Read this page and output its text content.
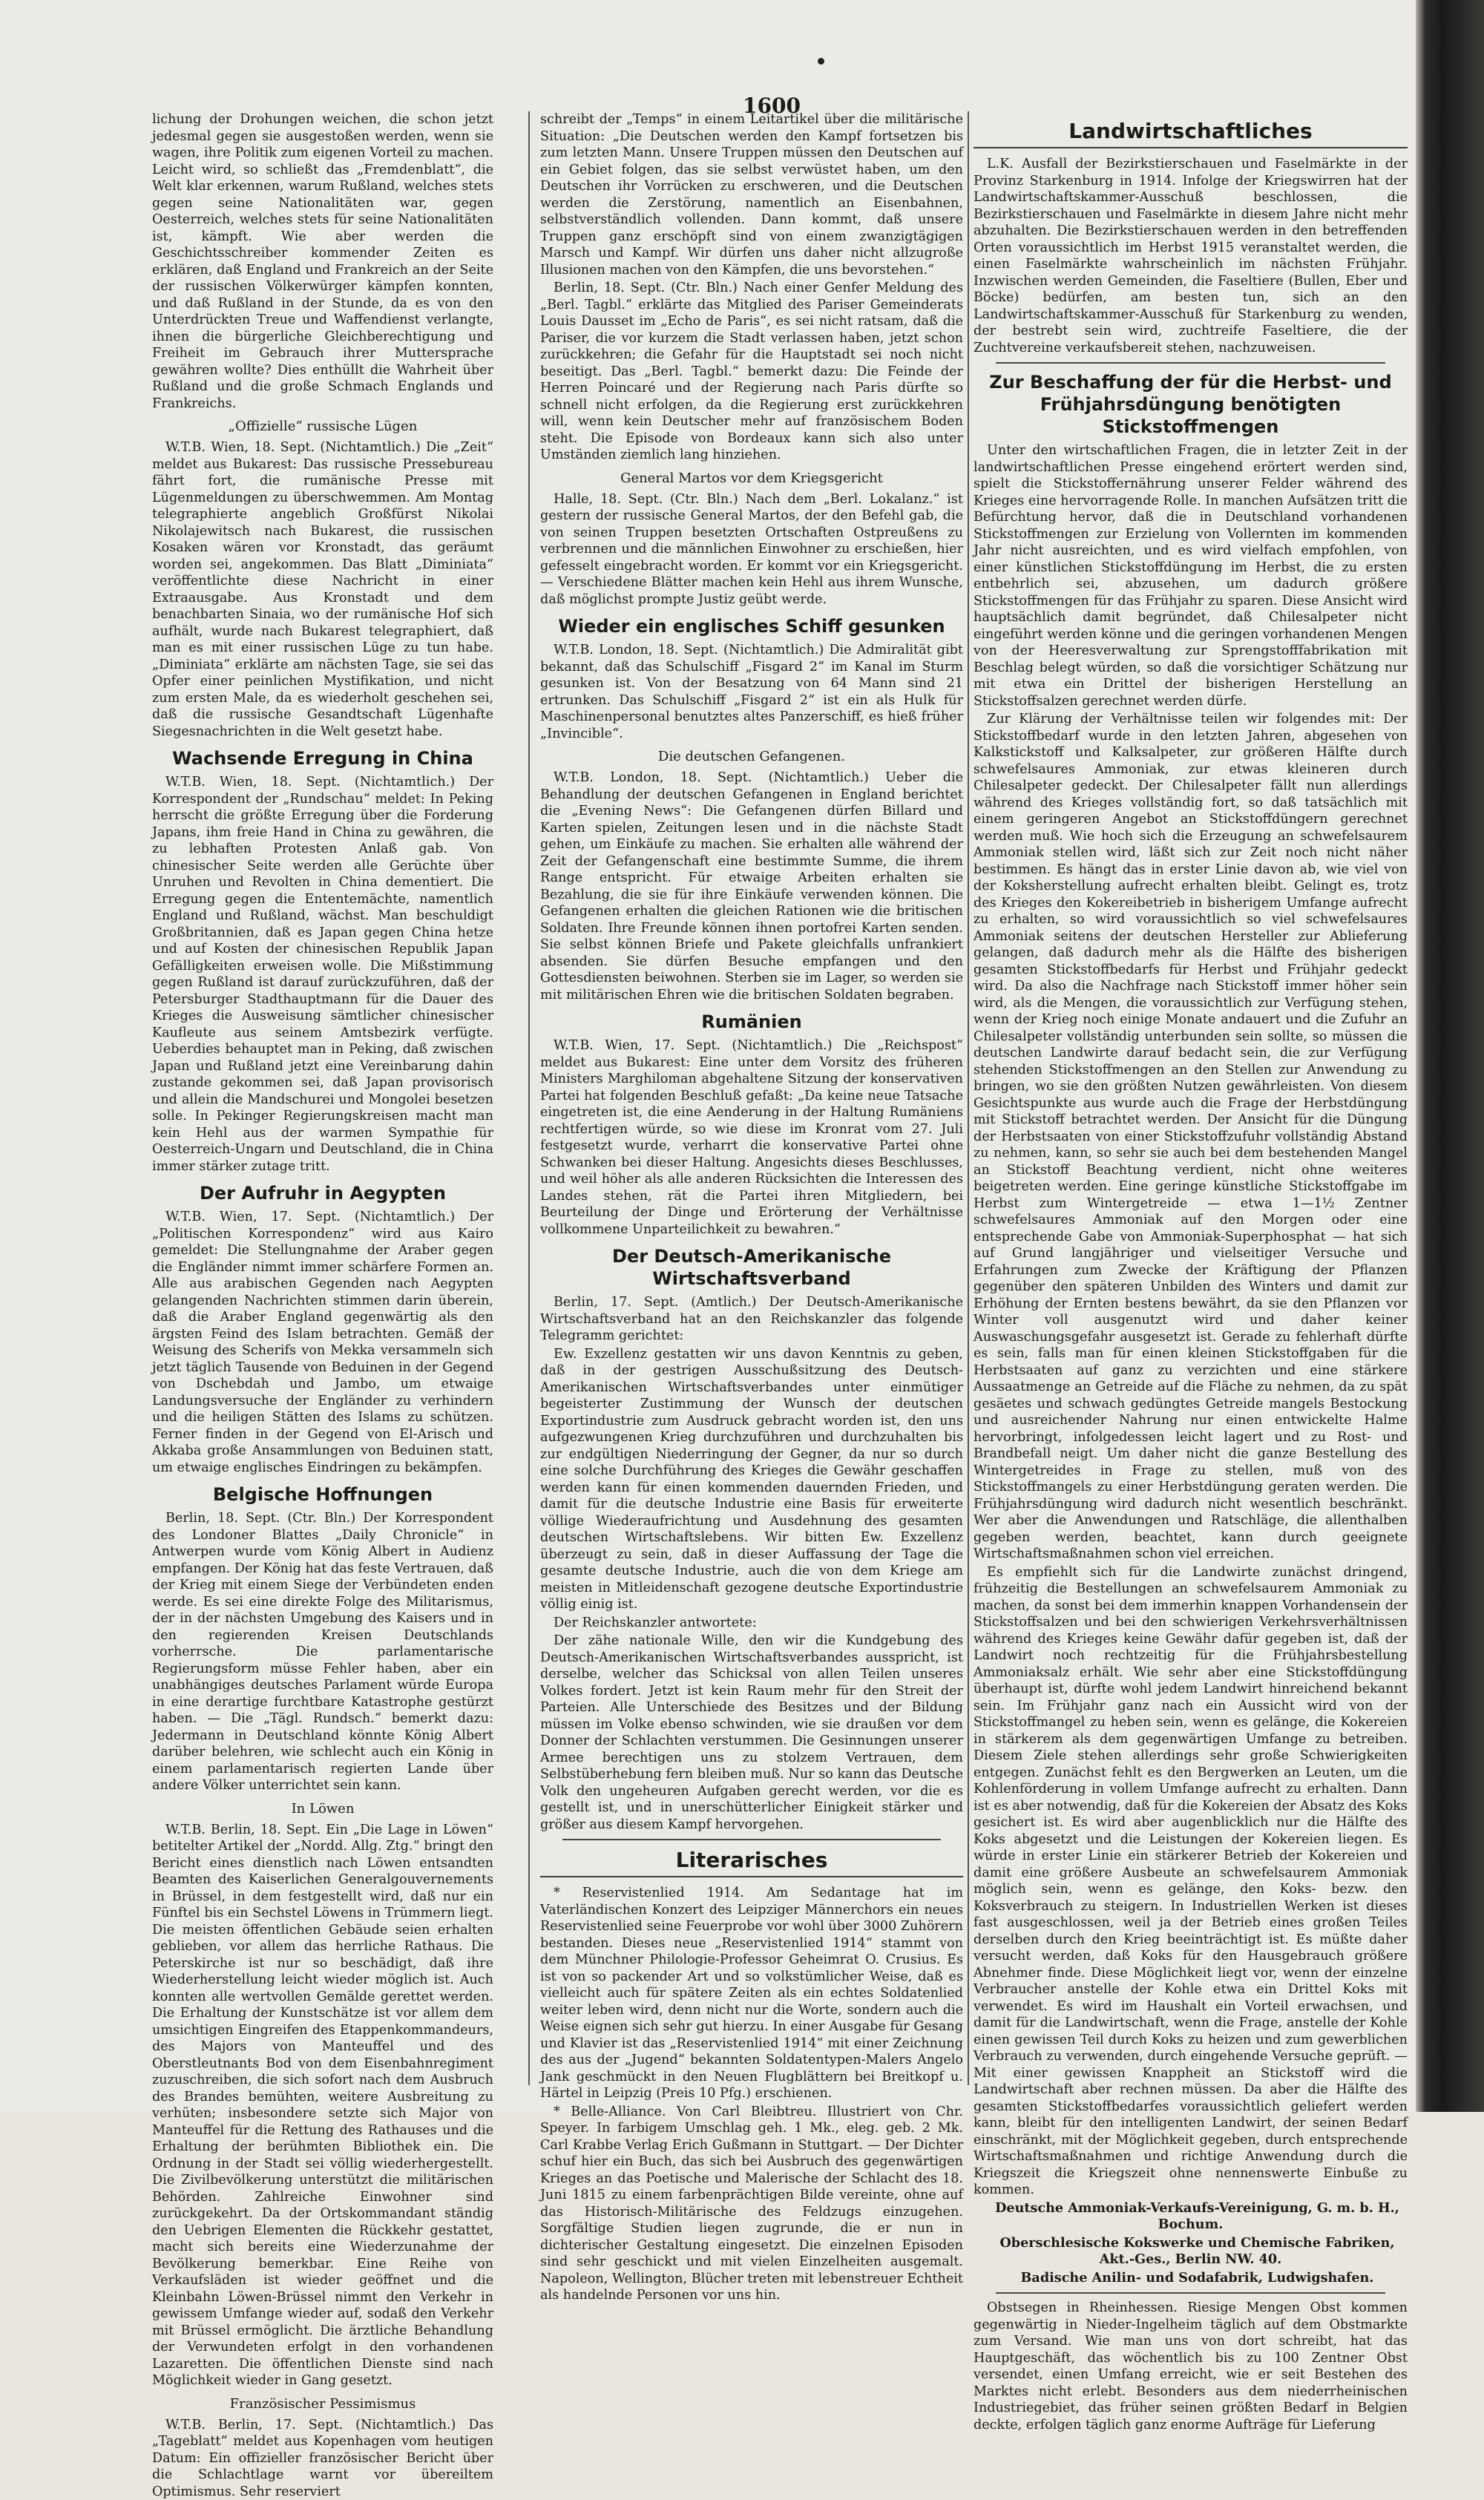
1600

lichung der Drohungen weichen, die schon jetzt jedesmal gegen sie ausgestoßen werden, wenn sie wagen, ihre Politik zum eigenen Vorteil zu machen. Leicht wird, so schließt das „Fremdenblatt“, die Welt klar erkennen, warum Rußland, welches stets gegen seine Nationalitäten war, gegen Oesterreich, welches stets für seine Nationalitäten ist, kämpft. Wie aber werden die Geschichtsschreiber kommender Zeiten es erklären, daß England und Frankreich an der Seite der russischen Völkerwürger kämpfen konnten, und daß Rußland in der Stunde, da es von den Unterdrückten Treue und Waffendienst verlangte, ihnen die bürgerliche Gleichberechtigung und Freiheit im Gebrauch ihrer Muttersprache gewähren wollte? Dies enthüllt die Wahrheit über Rußland und die große Schmach Englands und Frankreichs.

„Offizielle“ russische Lügen

W.T.B. Wien, 18. Sept. (Nichtamtlich.) Die „Zeit“ meldet aus Bukarest: Das russische Pressebureau fährt fort, die rumänische Presse mit Lügenmeldungen zu überschwemmen. Am Montag telegraphierte angeblich Großfürst Nikolai Nikolajewitsch nach Bukarest, die russischen Kosaken wären vor Kronstadt, das geräumt worden sei, angekommen. Das Blatt „Diminiata“ veröffentlichte diese Nachricht in einer Extraausgabe. Aus Kronstadt und dem benachbarten Sinaia, wo der rumänische Hof sich aufhält, wurde nach Bukarest telegraphiert, daß man es mit einer russischen Lüge zu tun habe. „Diminiata“ erklärte am nächsten Tage, sie sei das Opfer einer peinlichen Mystifikation, und nicht zum ersten Male, da es wiederholt geschehen sei, daß die russische Gesandtschaft Lügenhafte Siegesnachrichten in die Welt gesetzt habe.

Wachsende Erregung in China

W.T.B. Wien, 18. Sept. (Nichtamtlich.) Der Korrespondent der „Rundschau“ meldet: In Peking herrscht die größte Erregung über die Forderung Japans, ihm freie Hand in China zu gewähren, die zu lebhaften Protesten Anlaß gab. Von chinesischer Seite werden alle Gerüchte über Unruhen und Revolten in China dementiert. Die Erregung gegen die Ententemächte, namentlich England und Rußland, wächst. Man beschuldigt Großbritannien, daß es Japan gegen China hetze und auf Kosten der chinesischen Republik Japan Gefälligkeiten erweisen wolle. Die Mißstimmung gegen Rußland ist darauf zurückzuführen, daß der Petersburger Stadthauptmann für die Dauer des Krieges die Ausweisung sämtlicher chinesischer Kaufleute aus seinem Amtsbezirk verfügte. Ueberdies behauptet man in Peking, daß zwischen Japan und Rußland jetzt eine Vereinbarung dahin zustande gekommen sei, daß Japan provisorisch und allein die Mandschurei und Mongolei besetzen solle. In Pekinger Regierungskreisen macht man kein Hehl aus der warmen Sympathie für Oesterreich-Ungarn und Deutschland, die in China immer stärker zutage tritt.

Der Aufruhr in Aegypten

W.T.B. Wien, 17. Sept. (Nichtamtlich.) Der „Politischen Korrespondenz“ wird aus Kairo gemeldet: Die Stellungnahme der Araber gegen die Engländer nimmt immer schärfere Formen an. Alle aus arabischen Gegenden nach Aegypten gelangenden Nachrichten stimmen darin überein, daß die Araber England gegenwärtig als den ärgsten Feind des Islam betrachten. Gemäß der Weisung des Scherifs von Mekka versammeln sich jetzt täglich Tausende von Beduinen in der Gegend von Dschebdah und Jambo, um etwaige Landungsversuche der Engländer zu verhindern und die heiligen Stätten des Islams zu schützen. Ferner finden in der Gegend von El-Arisch und Akkaba große Ansammlungen von Beduinen statt, um etwaige englisches Eindringen zu bekämpfen.

Belgische Hoffnungen

Berlin, 18. Sept. (Ctr. Bln.) Der Korrespondent des Londoner Blattes „Daily Chronicle“ in Antwerpen wurde vom König Albert in Audienz empfangen. Der König hat das feste Vertrauen, daß der Krieg mit einem Siege der Verbündeten enden werde. Es sei eine direkte Folge des Militarismus, der in der nächsten Umgebung des Kaisers und in den regierenden Kreisen Deutschlands vorherrsche. Die parlamentarische Regierungsform müsse Fehler haben, aber ein unabhängiges deutsches Parlament würde Europa in eine derartige furchtbare Katastrophe gestürzt haben. — Die „Tägl. Rundsch.“ bemerkt dazu: Jedermann in Deutschland könnte König Albert darüber belehren, wie schlecht auch ein König in einem parlamentarisch regierten Lande über andere Völker unterrichtet sein kann.

In Löwen

W.T.B. Berlin, 18. Sept. Ein „Die Lage in Löwen“ betitelter Artikel der „Nordd. Allg. Ztg.“ bringt den Bericht eines dienstlich nach Löwen entsandten Beamten des Kaiserlichen Generalgouvernements in Brüssel, in dem festgestellt wird, daß nur ein Fünftel bis ein Sechstel Löwens in Trümmern liegt. Die meisten öffentlichen Gebäude seien erhalten geblieben, vor allem das herrliche Rathaus. Die Peterskirche ist nur so beschädigt, daß ihre Wiederherstellung leicht wieder möglich ist. Auch konnten alle wertvollen Gemälde gerettet werden. Die Erhaltung der Kunstschätze ist vor allem dem umsichtigen Eingreifen des Etappenkommandeurs, des Majors von Manteuffel und des Oberstleutnants Bod von dem Eisenbahnregiment zuzuschreiben, die sich sofort nach dem Ausbruch des Brandes bemühten, weitere Ausbreitung zu verhüten; insbesondere setzte sich Major von Manteuffel für die Rettung des Rathauses und die Erhaltung der berühmten Bibliothek ein. Die Ordnung in der Stadt sei völlig wiederhergestellt. Die Zivilbevölkerung unterstützt die militärischen Behörden. Zahlreiche Einwohner sind zurückgekehrt. Da der Ortskommandant ständig den Uebrigen Elementen die Rückkehr gestattet, macht sich bereits eine Wiederzunahme der Bevölkerung bemerkbar. Eine Reihe von Verkaufsläden ist wieder geöffnet und die Kleinbahn Löwen-Brüssel nimmt den Verkehr in gewissem Umfange wieder auf, sodaß den Verkehr mit Brüssel ermöglicht. Die ärztliche Behandlung der Verwundeten erfolgt in den vorhandenen Lazaretten. Die öffentlichen Dienste sind nach Möglichkeit wieder in Gang gesetzt.

Französischer Pessimismus

W.T.B. Berlin, 17. Sept. (Nichtamtlich.) Das „Tageblatt“ meldet aus Kopenhagen vom heutigen Datum: Ein offizieller französischer Bericht über die Schlachtlage warnt vor übereiltem Optimismus. Sehr reserviert

schreibt der „Temps“ in einem Leitartikel über die militärische Situation: „Die Deutschen werden den Kampf fortsetzen bis zum letzten Mann. Unsere Truppen müssen den Deutschen auf ein Gebiet folgen, das sie selbst verwüstet haben, um den Deutschen ihr Vorrücken zu erschweren, und die Deutschen werden die Zerstörung, namentlich an Eisenbahnen, selbstverständlich vollenden. Dann kommt, daß unsere Truppen ganz erschöpft sind von einem zwanzigtägigen Marsch und Kampf. Wir dürfen uns daher nicht allzugroße Illusionen machen von den Kämpfen, die uns bevorstehen.“

Berlin, 18. Sept. (Ctr. Bln.) Nach einer Genfer Meldung des „Berl. Tagbl.“ erklärte das Mitglied des Pariser Gemeinderats Louis Dausset im „Echo de Paris“, es sei nicht ratsam, daß die Pariser, die vor kurzem die Stadt verlassen haben, jetzt schon zurückkehren; die Gefahr für die Hauptstadt sei noch nicht beseitigt. Das „Berl. Tagbl.“ bemerkt dazu: Die Feinde der Herren Poincaré und der Regierung nach Paris dürfte so schnell nicht erfolgen, da die Regierung erst zurückkehren will, wenn kein Deutscher mehr auf französischem Boden steht. Die Episode von Bordeaux kann sich also unter Umständen ziemlich lang hinziehen.

General Martos vor dem Kriegsgericht

Halle, 18. Sept. (Ctr. Bln.) Nach dem „Berl. Lokalanz.“ ist gestern der russische General Martos, der den Befehl gab, die von seinen Truppen besetzten Ortschaften Ostpreußens zu verbrennen und die männlichen Einwohner zu erschießen, hier gefesselt eingebracht worden. Er kommt vor ein Kriegsgericht. — Verschiedene Blätter machen kein Hehl aus ihrem Wunsche, daß möglichst prompte Justiz geübt werde.

Wieder ein englisches Schiff gesunken

W.T.B. London, 18. Sept. (Nichtamtlich.) Die Admiralität gibt bekannt, daß das Schulschiff „Fisgard 2“ im Kanal im Sturm gesunken ist. Von der Besatzung von 64 Mann sind 21 ertrunken. Das Schulschiff „Fisgard 2“ ist ein als Hulk für Maschinenpersonal benutztes altes Panzerschiff, es hieß früher „Invincible“.

Die deutschen Gefangenen.

W.T.B. London, 18. Sept. (Nichtamtlich.) Ueber die Behandlung der deutschen Gefangenen in England berichtet die „Evening News“: Die Gefangenen dürfen Billard und Karten spielen, Zeitungen lesen und in die nächste Stadt gehen, um Einkäufe zu machen. Sie erhalten alle während der Zeit der Gefangenschaft eine bestimmte Summe, die ihrem Range entspricht. Für etwaige Arbeiten erhalten sie Bezahlung, die sie für ihre Einkäufe verwenden können. Die Gefangenen erhalten die gleichen Rationen wie die britischen Soldaten. Ihre Freunde können ihnen portofrei Karten senden. Sie selbst können Briefe und Pakete gleichfalls unfrankiert absenden. Sie dürfen Besuche empfangen und den Gottesdiensten beiwohnen. Sterben sie im Lager, so werden sie mit militärischen Ehren wie die britischen Soldaten begraben.

Rumänien

W.T.B. Wien, 17. Sept. (Nichtamtlich.) Die „Reichspost“ meldet aus Bukarest: Eine unter dem Vorsitz des früheren Ministers Marghiloman abgehaltene Sitzung der konservativen Partei hat folgenden Beschluß gefaßt: „Da keine neue Tatsache eingetreten ist, die eine Aenderung in der Haltung Rumäniens rechtfertigen würde, so wie diese im Kronrat vom 27. Juli festgesetzt wurde, verharrt die konservative Partei ohne Schwanken bei dieser Haltung. Angesichts dieses Beschlusses, und weil höher als alle anderen Rücksichten die Interessen des Landes stehen, rät die Partei ihren Mitgliedern, bei Beurteilung der Dinge und Erörterung der Verhältnisse vollkommene Unparteilichkeit zu bewahren.“

Der Deutsch-Amerikanische Wirtschaftsverband

Berlin, 17. Sept. (Amtlich.) Der Deutsch-Amerikanische Wirtschaftsverband hat an den Reichskanzler das folgende Telegramm gerichtet:

Ew. Exzellenz gestatten wir uns davon Kenntnis zu geben, daß in der gestrigen Ausschußsitzung des Deutsch-Amerikanischen Wirtschaftsverbandes unter einmütiger begeisterter Zustimmung der Wunsch der deutschen Exportindustrie zum Ausdruck gebracht worden ist, den uns aufgezwungenen Krieg durchzuführen und durchzuhalten bis zur endgültigen Niederringung der Gegner, da nur so durch eine solche Durchführung des Krieges die Gewähr geschaffen werden kann für einen kommenden dauernden Frieden, und damit für die deutsche Industrie eine Basis für erweiterte völlige Wiederaufrichtung und Ausdehnung des gesamten deutschen Wirtschaftslebens. Wir bitten Ew. Exzellenz überzeugt zu sein, daß in dieser Auffassung der Tage die gesamte deutsche Industrie, auch die von dem Kriege am meisten in Mitleidenschaft gezogene deutsche Exportindustrie völlig einig ist.

Der Reichskanzler antwortete:

Der zähe nationale Wille, den wir die Kundgebung des Deutsch-Amerikanischen Wirtschaftsverbandes ausspricht, ist derselbe, welcher das Schicksal von allen Teilen unseres Volkes fordert. Jetzt ist kein Raum mehr für den Streit der Parteien. Alle Unterschiede des Besitzes und der Bildung müssen im Volke ebenso schwinden, wie sie draußen vor dem Donner der Schlachten verstummen. Die Gesinnungen unserer Armee berechtigen uns zu stolzem Vertrauen, dem Selbstüberhebung fern bleiben muß. Nur so kann das Deutsche Volk den ungeheuren Aufgaben gerecht werden, vor die es gestellt ist, und in unerschütterlicher Einigkeit stärker und größer aus diesem Kampf hervorgehen.

Literarisches

* Reservistenlied 1914. Am Sedantage hat im Vaterländischen Konzert des Leipziger Männerchors ein neues Reservistenlied seine Feuerprobe vor wohl über 3000 Zuhörern bestanden. Dieses neue „Reservistenlied 1914“ stammt von dem Münchner Philologie-Professor Geheimrat O. Crusius. Es ist von so packender Art und so volkstümlicher Weise, daß es vielleicht auch für spätere Zeiten als ein echtes Soldatenlied weiter leben wird, denn nicht nur die Worte, sondern auch die Weise eignen sich sehr gut hierzu. In einer Ausgabe für Gesang und Klavier ist das „Reservistenlied 1914“ mit einer Zeichnung des aus der „Jugend“ bekannten Soldatentypen-Malers Angelo Jank geschmückt in den Neuen Flugblättern bei Breitkopf u. Härtel in Leipzig (Preis 10 Pfg.) erschienen.

* Belle-Alliance. Von Carl Bleibtreu. Illustriert von Chr. Speyer. In farbigem Umschlag geh. 1 Mk., eleg. geb. 2 Mk. Carl Krabbe Verlag Erich Gußmann in Stuttgart. — Der Dichter schuf hier ein Buch, das sich bei Ausbruch des gegenwärtigen Krieges an das Poetische und Malerische der Schlacht des 18. Juni 1815 zu einem farbenprächtigen Bilde vereinte, ohne auf das Historisch-Militärische des Feldzugs einzugehen. Sorgfältige Studien liegen zugrunde, die er nun in dichterischer Gestaltung eingesetzt. Die einzelnen Episoden sind sehr geschickt und mit vielen Einzelheiten ausgemalt. Napoleon, Wellington, Blücher treten mit lebenstreuer Echtheit als handelnde Personen vor uns hin.

Landwirtschaftliches

L.K. Ausfall der Bezirkstierschauen und Faselmärkte in der Provinz Starkenburg in 1914. Infolge der Kriegswirren hat der Landwirtschaftskammer-Ausschuß beschlossen, die Bezirkstierschauen und Faselmärkte in diesem Jahre nicht mehr abzuhalten. Die Bezirkstierschauen werden in den betreffenden Orten voraussichtlich im Herbst 1915 veranstaltet werden, die einen Faselmärkte wahrscheinlich im nächsten Frühjahr. Inzwischen werden Gemeinden, die Faseltiere (Bullen, Eber und Böcke) bedürfen, am besten tun, sich an den Landwirtschaftskammer-Ausschuß für Starkenburg zu wenden, der bestrebt sein wird, zuchtreife Faseltiere, die der Zuchtvereine verkaufsbereit stehen, nachzuweisen.

Zur Beschaffung der für die Herbst- und Frühjahrsdüngung benötigten Stickstoffmengen

Unter den wirtschaftlichen Fragen, die in letzter Zeit in der landwirtschaftlichen Presse eingehend erörtert werden sind, spielt die Stickstoffernährung unserer Felder während des Krieges eine hervorragende Rolle. In manchen Aufsätzen tritt die Befürchtung hervor, daß die in Deutschland vorhandenen Stickstoffmengen zur Erzielung von Vollernten im kommenden Jahr nicht ausreichten, und es wird vielfach empfohlen, von einer künstlichen Stickstoffdüngung im Herbst, die zu ersten entbehrlich sei, abzusehen, um dadurch größere Stickstoffmengen für das Frühjahr zu sparen. Diese Ansicht wird hauptsächlich damit begründet, daß Chilesalpeter nicht eingeführt werden könne und die geringen vorhandenen Mengen von der Heeresverwaltung zur Sprengstofffabrikation mit Beschlag belegt würden, so daß die vorsichtiger Schätzung nur mit etwa ein Drittel der bisherigen Herstellung an Stickstoffsalzen gerechnet werden dürfe.

Zur Klärung der Verhältnisse teilen wir folgendes mit: Der Stickstoffbedarf wurde in den letzten Jahren, abgesehen von Kalkstickstoff und Kalksalpeter, zur größeren Hälfte durch schwefelsaures Ammoniak, zur etwas kleineren durch Chilesalpeter gedeckt. Der Chilesalpeter fällt nun allerdings während des Krieges vollständig fort, so daß tatsächlich mit einem geringeren Angebot an Stickstoffdüngern gerechnet werden muß. Wie hoch sich die Erzeugung an schwefelsaurem Ammoniak stellen wird, läßt sich zur Zeit noch nicht näher bestimmen. Es hängt das in erster Linie davon ab, wie viel von der Koksherstellung aufrecht erhalten bleibt. Gelingt es, trotz des Krieges den Kokereibetrieb in bisherigem Umfange aufrecht zu erhalten, so wird voraussichtlich so viel schwefelsaures Ammoniak seitens der deutschen Hersteller zur Ablieferung gelangen, daß dadurch mehr als die Hälfte des bisherigen gesamten Stickstoffbedarfs für Herbst und Frühjahr gedeckt wird. Da also die Nachfrage nach Stickstoff immer höher sein wird, als die Mengen, die voraussichtlich zur Verfügung stehen, wenn der Krieg noch einige Monate andauert und die Zufuhr an Chilesalpeter vollständig unterbunden sein sollte, so müssen die deutschen Landwirte darauf bedacht sein, die zur Verfügung stehenden Stickstoffmengen an den Stellen zur Anwendung zu bringen, wo sie den größten Nutzen gewährleisten. Von diesem Gesichtspunkte aus wurde auch die Frage der Herbstdüngung mit Stickstoff betrachtet werden. Der Ansicht für die Düngung der Herbstsaaten von einer Stickstoffzufuhr vollständig Abstand zu nehmen, kann, so sehr sie auch bei dem bestehenden Mangel an Stickstoff Beachtung verdient, nicht ohne weiteres beigetreten werden. Eine geringe künstliche Stickstoffgabe im Herbst zum Wintergetreide — etwa 1—1½ Zentner schwefelsaures Ammoniak auf den Morgen oder eine entsprechende Gabe von Ammoniak-Superphosphat — hat sich auf Grund langjähriger und vielseitiger Versuche und Erfahrungen zum Zwecke der Kräftigung der Pflanzen gegenüber den späteren Unbilden des Winters und damit zur Erhöhung der Ernten bestens bewährt, da sie den Pflanzen vor Winter voll ausgenutzt wird und daher keiner Auswaschungsgefahr ausgesetzt ist. Gerade zu fehlerhaft dürfte es sein, falls man für einen kleinen Stickstoffgaben für die Herbstsaaten auf ganz zu verzichten und eine stärkere Aussaatmenge an Getreide auf die Fläche zu nehmen, da zu spät gesäetes und schwach gedüngtes Getreide mangels Bestockung und ausreichender Nahrung nur einen entwickelte Halme hervorbringt, infolgedessen leicht lagert und zu Rost- und Brandbefall neigt. Um daher nicht die ganze Bestellung des Wintergetreides in Frage zu stellen, muß von des Stickstoffmangels zu einer Herbstdüngung geraten werden. Die Frühjahrsdüngung wird dadurch nicht wesentlich beschränkt. Wer aber die Anwendungen und Ratschläge, die allenthalben gegeben werden, beachtet, kann durch geeignete Wirtschaftsmaßnahmen schon viel erreichen.

Es empfiehlt sich für die Landwirte zunächst dringend, frühzeitig die Bestellungen an schwefelsaurem Ammoniak zu machen, da sonst bei dem immerhin knappen Vorhandensein der Stickstoffsalzen und bei den schwierigen Verkehrsverhältnissen während des Krieges keine Gewähr dafür gegeben ist, daß der Landwirt noch rechtzeitig für die Frühjahrsbestellung Ammoniaksalz erhält. Wie sehr aber eine Stickstoffdüngung überhaupt ist, dürfte wohl jedem Landwirt hinreichend bekannt sein. Im Frühjahr ganz nach ein Aussicht wird von der Stickstoffmangel zu heben sein, wenn es gelänge, die Kokereien in stärkerem als dem gegenwärtigen Umfange zu betreiben. Diesem Ziele stehen allerdings sehr große Schwierigkeiten entgegen. Zunächst fehlt es den Bergwerken an Leuten, um die Kohlenförderung in vollem Umfange aufrecht zu erhalten. Dann ist es aber notwendig, daß für die Kokereien der Absatz des Koks gesichert ist. Es wird aber augenblicklich nur die Hälfte des Koks abgesetzt und die Leistungen der Kokereien liegen. Es würde in erster Linie ein stärkerer Betrieb der Kokereien und damit eine größere Ausbeute an schwefelsaurem Ammoniak möglich sein, wenn es gelänge, den Koks- bezw. den Koksverbrauch zu steigern. In Industriellen Werken ist dieses fast ausgeschlossen, weil ja der Betrieb eines großen Teiles derselben durch den Krieg beeinträchtigt ist. Es müßte daher versucht werden, daß Koks für den Hausgebrauch größere Abnehmer finde. Diese Möglichkeit liegt vor, wenn der einzelne Verbraucher anstelle der Kohle etwa ein Drittel Koks mit verwendet. Es wird im Haushalt ein Vorteil erwachsen, und damit für die Landwirtschaft, wenn die Frage, anstelle der Kohle einen gewissen Teil durch Koks zu heizen und zum gewerblichen Verbrauch zu verwenden, durch eingehende Versuche geprüft. — Mit einer gewissen Knappheit an Stickstoff wird die Landwirtschaft aber rechnen müssen. Da aber die Hälfte des gesamten Stickstoffbedarfes voraussichtlich geliefert werden kann, bleibt für den intelligenten Landwirt, der seinen Bedarf einschränkt, mit der Möglichkeit gegeben, durch entsprechende Wirtschaftsmaßnahmen und richtige Anwendung durch die Kriegszeit die Kriegszeit ohne nennenswerte Einbuße zu kommen.

Deutsche Ammoniak-Verkaufs-Vereinigung, G. m. b. H., Bochum.

Oberschlesische Kokswerke und Chemische Fabriken, Akt.-Ges., Berlin NW. 40.

Badische Anilin- und Sodafabrik, Ludwigshafen.

Obstsegen in Rheinhessen. Riesige Mengen Obst kommen gegenwärtig in Nieder-Ingelheim täglich auf dem Obstmarkte zum Versand. Wie man uns von dort schreibt, hat das Hauptgeschäft, das wöchentlich bis zu 100 Zentner Obst versendet, einen Umfang erreicht, wie er seit Bestehen des Marktes nicht erlebt. Besonders aus dem niederrheinischen Industriegebiet, das früher seinen größten Bedarf in Belgien deckte, erfolgen täglich ganz enorme Aufträge für Lieferung
